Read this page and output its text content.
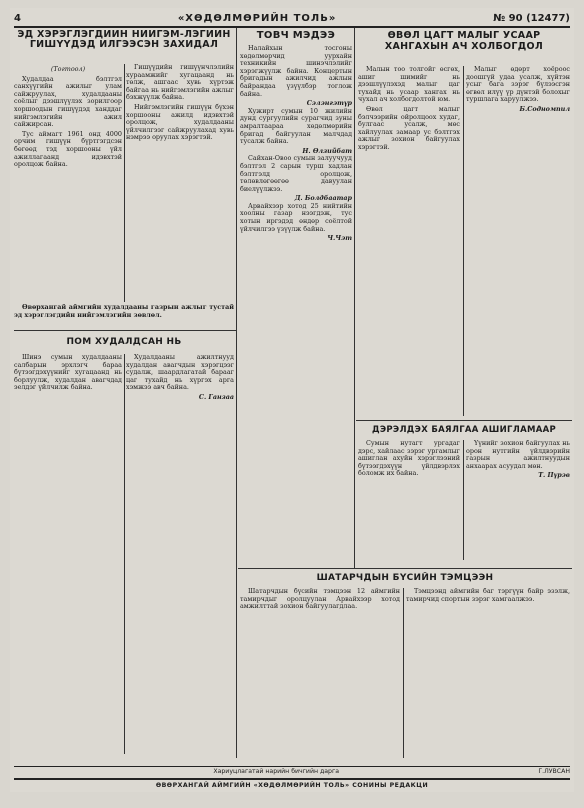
4	«ХӨДӨЛМӨРИЙН ТОЛЬ»	№ 90 (12477)
ЭД ХЭРЭГЛЭГДИЙН НИЙГЭМ-ЛЭГИЙН ГИШҮҮДЭД ИЛГЭЭСЭН ЗАХИДАЛ
(Тогтоол)

Худалдаа бэлтгэл санхүүгийн ажилыг улам сайжруулах, худалдааны соёлыг дээшлүүлэх зорилгоор хоршоодын гишүүдэд ханддаг нийгэмлэгийн ажил сайжирсан.

Тус аймагт 1961 онд 4000 орчим гишүүн бүртгэгдсэн бөгөөд тэд хоршооны үйл ажиллагаанд идэвхтэй оролцож байна.

Гишүүдийн гишүүнчлэлийн хураамжийг хугацаанд нь төлж, ашгаас хувь хүртэж байгаа нь нийгэмлэгийн ажлыг бэхжүүлж байна.

Нийгэмлэгийн гишүүн бүхэн хоршооны ажилд идэвхтэй оролцож, худалдааны үйлчилгээг сайжруулахад хувь нэмрээ оруулах хэрэгтэй.

Өвөрхангай аймгийн худалдааны газрын ажлыг тустай эд хэрэглэгдийн нийгэмлэгийн зөвлөл.

ТОВЧ МЭДЭЭ

Налайхын тосгоны хөдөлмөрчид уурхайн техникийн шинэчлэлийг хэрэгжүүлж байна. Концертын бригадын ажилчид ажлын байрандаа үзүүлбэр тоглож байна.

Сэлэнгэтүр

Хужирт сумын 10 жилийн дунд сургуулийн сурагчид зуны амралтаараа хөдөлмөрийн бригад байгуулан малчдад тусалж байна.

Н. Өлзийбат

Сайхан-Овоо сумын залуучууд бэлтгэл 2 сарын турш хадлан бэлтгэлд оролцож, төлөвлөгөөгөө давуулан биелүүлжээ.

Д. Болдбаатар

Арвайхээр хотод 25 нийтийн хоолны газар нээгдэж, тус хотын иргэдэд өндөр соёлтой үйлчилгээ үзүүлж байна.

Ч.Чэт
ӨВӨЛ ЦАГТ МАЛЫГ УСААР ХАНГАХЫН АЧ ХОЛБОГДОЛ

Малын тоо толгойг өсгөх, ашиг шимийг нь дээшлүүлэхэд малыг цаг тухайд нь усаар хангах нь чухал ач холбогдолтой юм.

Өвөл цагт малыг бэлчээрийн ойролцоох худаг, булгаас усалж, мөс хайлуулах замаар ус бэлтгэх ажлыг зохион байгуулах хэрэгтэй.

Малыг өдөрт хоёроос доошгүй удаа усалж, хүйтэн усыг бага зэрэг бүлээсгэн өгвөл илүү үр дүнтэй болохыг туршлага харуулжээ.

Б.Содномпил
ПОМ ХУДАЛДСАН НЬ

Шинэ сумын худалдааны салбарын эрхлэгч бараа бүтээгдэхүүнийг хугацаанд нь борлуулж, худалдан авагчдад эелдэг үйлчилж байна.

Худалдааны ажилтнууд худалдан авагчдын хэрэгцээг судалж, шаардлагатай барааг цаг тухайд нь хүргэх арга хэмжээ авч байна.

С. Ганзаа
ДЭРЭЛДЭХ БАЯЛГАА АШИГЛАМААР

Сумын нутагт ургадаг дэрс, хайлаас зэрэг ургамлыг ашиглан ахуйн хэрэглээний бүтээгдэхүүн үйлдвэрлэх боломж их байна.

Үүнийг зохион байгуулах нь орон нутгийн үйлдвэрийн газрын ажилтнуудын анхаарах асуудал мөн.

Т. Пүрэв
ШАТАРЧДЫН БҮСИЙН ТЭМЦЭЭН

Шатарчдын бүсийн тэмцээн 12 аймгийн тамирчдыг оролцуулан Арвайхээр хотод амжилттай зохион байгуулагдлаа.

Тэмцээнд аймгийн баг тэргүүн байр эзэлж, тамирчид спортын зэрэг хамгаалжээ.

Хариуцлагатай нарийн бичгийн дарга	Г.ЛУВСАН
ӨВӨРХАНГАЙ АЙМГИЙН «ХӨДӨЛМӨРИЙН ТОЛЬ» СОНИНЫ РЕДАКЦИ
